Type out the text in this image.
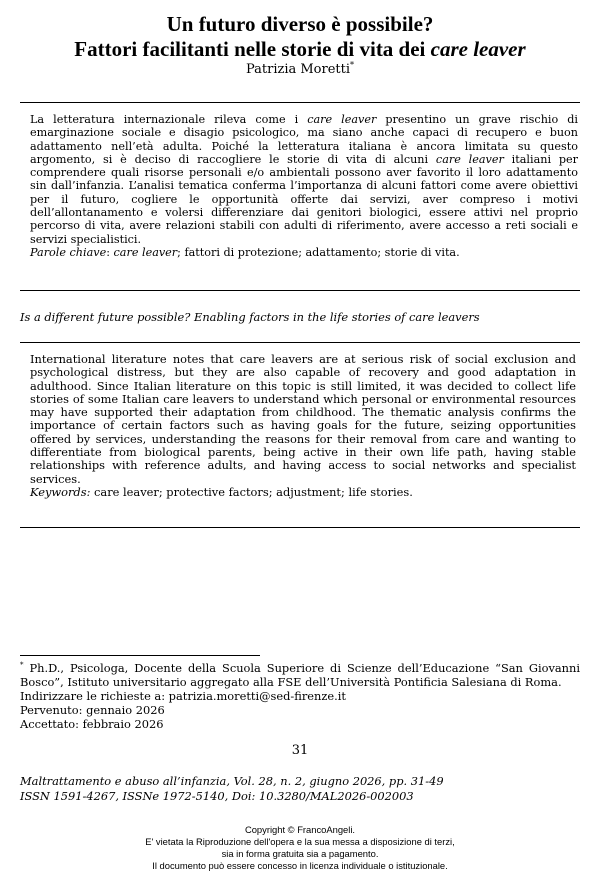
Un futuro diverso è possibile?
Fattori facilitanti nelle storie di vita dei care leaver
Patrizia Moretti*

La letteratura internazionale rileva come i care leaver presentino un grave rischio di emarginazione sociale e disagio psicologico, ma siano anche capaci di recupero e buon adattamento nell’età adulta. Poiché la letteratura italiana è ancora limitata su questo argomento, si è deciso di raccogliere le storie di vita di alcuni care leaver italiani per comprendere quali risorse personali e/o ambientali possono aver favorito il loro adattamento sin dall’infanzia. L’analisi tematica conferma l’importanza di alcuni fattori come avere obiettivi per il futuro, cogliere le opportunità offerte dai servizi, aver compreso i motivi dell’allontanamento e volersi differenziare dai genitori biologici, essere attivi nel proprio percorso di vita, avere relazioni stabili con adulti di riferimento, avere accesso a reti sociali e servizi specialistici.

Parole chiave: care leaver; fattori di protezione; adattamento; storie di vita.

Is a different future possible? Enabling factors in the life stories of care leavers

International literature notes that care leavers are at serious risk of social exclusion and psychological distress, but they are also capable of recovery and good adaptation in adulthood. Since Italian literature on this topic is still limited, it was decided to collect life stories of some Italian care leavers to understand which personal or environmental resources may have supported their adaptation from childhood. The thematic analysis confirms the importance of certain factors such as having goals for the future, seizing opportunities offered by services, understanding the reasons for their removal from care and wanting to differentiate from biological parents, being active in their own life path, having stable relationships with reference adults, and having access to social networks and specialist services.

Keywords: care leaver; protective factors; adjustment; life stories.

* Ph.D., Psicologa, Docente della Scuola Superiore di Scienze dell’Educazione “San Giovanni Bosco”, Istituto universitario aggregato alla FSE dell’Università Pontificia Salesiana di Roma.

Indirizzare le richieste a: patrizia.moretti@sed-firenze.it

Pervenuto: gennaio 2026

Accettato: febbraio 2026

31
Maltrattamento e abuso all’infanzia, Vol. 28, n. 2, giugno 2026, pp. 31-49
ISSN 1591-4267, ISSNe 1972-5140, Doi: 10.3280/MAL2026-002003
Copyright © FrancoAngeli.
E' vietata la Riproduzione dell'opera e la sua messa a disposizione di terzi,
sia in forma gratuita sia a pagamento.
Il documento può essere concesso in licenza individuale o istituzionale.
